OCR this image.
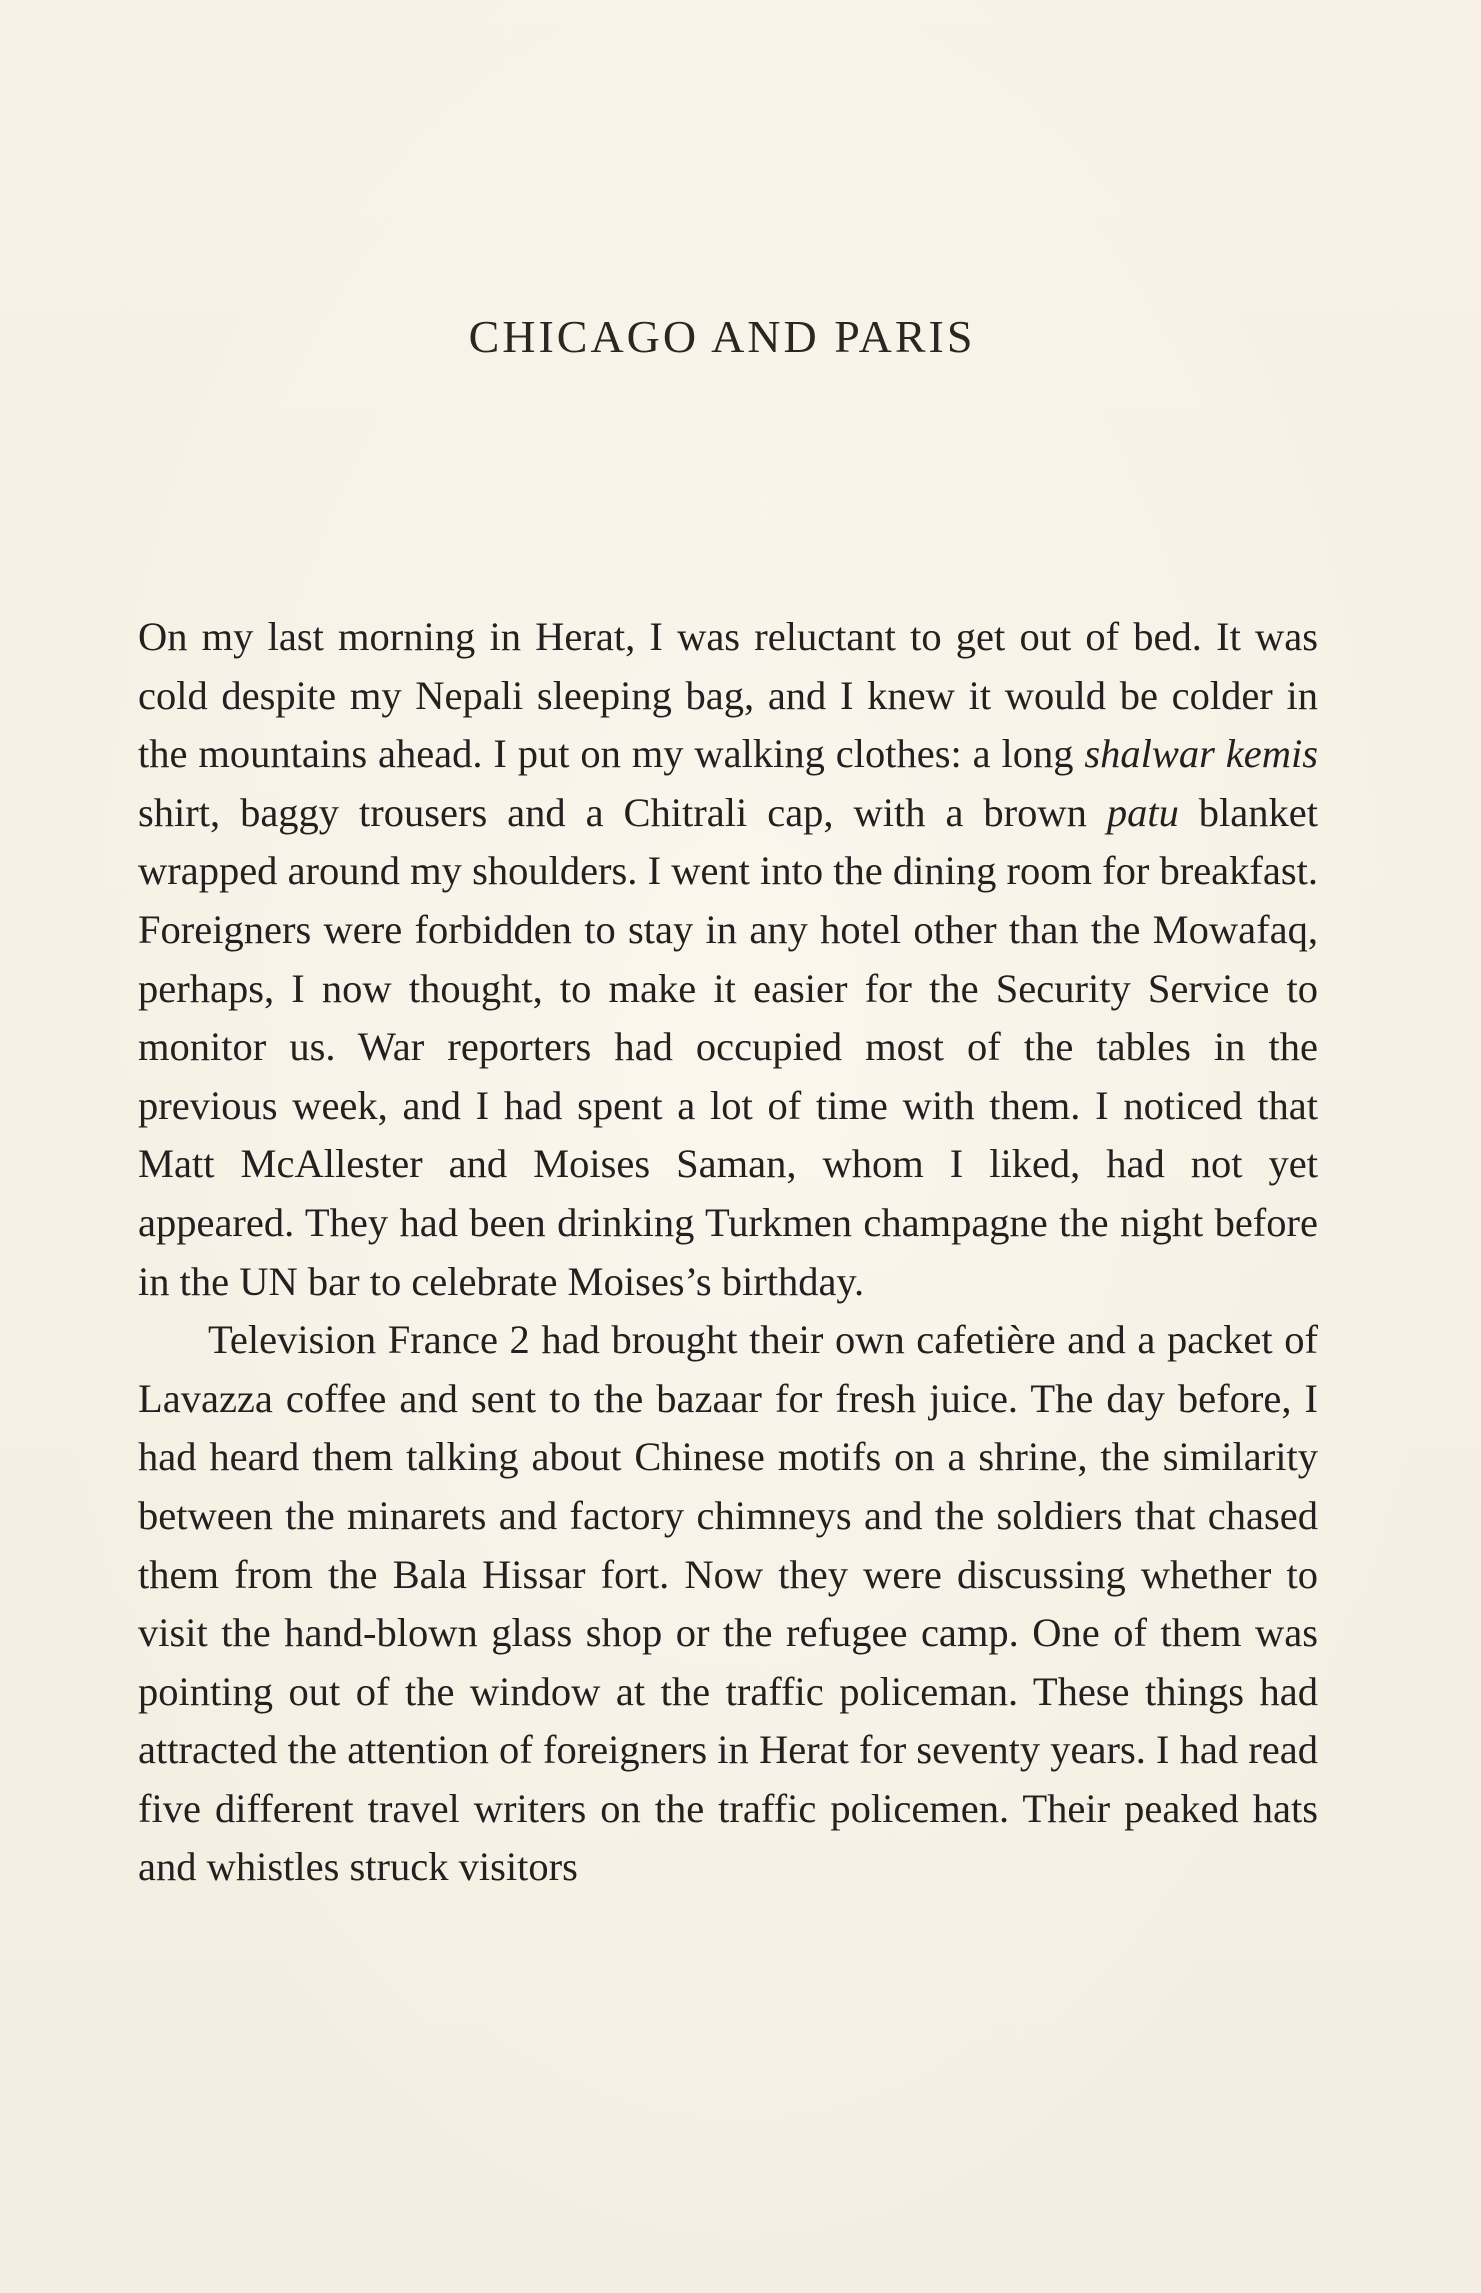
CHICAGO AND PARIS

On my last morning in Herat, I was reluctant to get out of bed. It was cold despite my Nepali sleeping bag, and I knew it would be colder in the mountains ahead. I put on my walking clothes: a long shalwar kemis shirt, baggy trousers and a Chitrali cap, with a brown patu blanket wrapped around my shoulders. I went into the dining room for breakfast. Foreigners were forbidden to stay in any hotel other than the Mowafaq, perhaps, I now thought, to make it easier for the Security Service to monitor us. War reporters had occupied most of the tables in the previous week, and I had spent a lot of time with them. I noticed that Matt McAllester and Moises Saman, whom I liked, had not yet appeared. They had been drinking Turkmen champagne the night before in the UN bar to celebrate Moises’s birthday.

Television France 2 had brought their own cafetière and a packet of Lavazza coffee and sent to the bazaar for fresh juice. The day before, I had heard them talking about Chinese motifs on a shrine, the similarity between the minarets and factory chimneys and the soldiers that chased them from the Bala Hissar fort. Now they were discussing whether to visit the hand-blown glass shop or the refugee camp. One of them was pointing out of the window at the traffic policeman. These things had attracted the attention of foreigners in Herat for seventy years. I had read five different travel writers on the traffic policemen. Their peaked hats and whistles struck visitors
